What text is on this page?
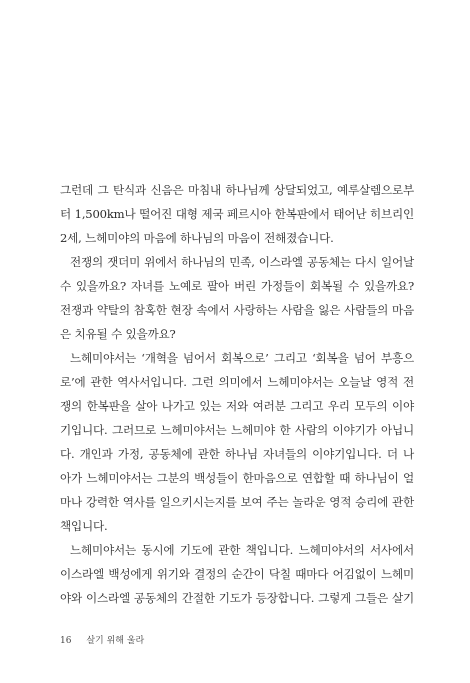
그런데 그 탄식과 신음은 마침내 하나님께 상달되었고, 예루살렘으로부
터 1,500km나 떨어진 대형 제국 페르시아 한복판에서 태어난 히브리인
2세, 느헤미야의 마음에 하나님의 마음이 전해졌습니다.
전쟁의 잿더미 위에서 하나님의 민족, 이스라엘 공동체는 다시 일어날
수 있을까요? 자녀를 노예로 팔아 버린 가정들이 회복될 수 있을까요?
전쟁과 약탈의 참혹한 현장 속에서 사랑하는 사람을 잃은 사람들의 마음
은 치유될 수 있을까요?
느헤미야서는 ‘개혁을 넘어서 회복으로’ 그리고 ‘회복을 넘어 부흥으
로’에 관한 역사서입니다. 그런 의미에서 느헤미야서는 오늘날 영적 전
쟁의 한복판을 살아 나가고 있는 저와 여러분 그리고 우리 모두의 이야
기입니다. 그러므로 느헤미야서는 느헤미야 한 사람의 이야기가 아닙니
다. 개인과 가정, 공동체에 관한 하나님 자녀들의 이야기입니다. 더 나
아가 느헤미야서는 그분의 백성들이 한마음으로 연합할 때 하나님이 얼
마나 강력한 역사를 일으키시는지를 보여 주는 놀라운 영적 승리에 관한
책입니다.
느헤미야서는 동시에 기도에 관한 책입니다. 느헤미야서의 서사에서
이스라엘 백성에게 위기와 결정의 순간이 닥칠 때마다 어김없이 느헤미
야와 이스라엘 공동체의 간절한 기도가 등장합니다. 그렇게 그들은 살기
16 살기 위해 울라
